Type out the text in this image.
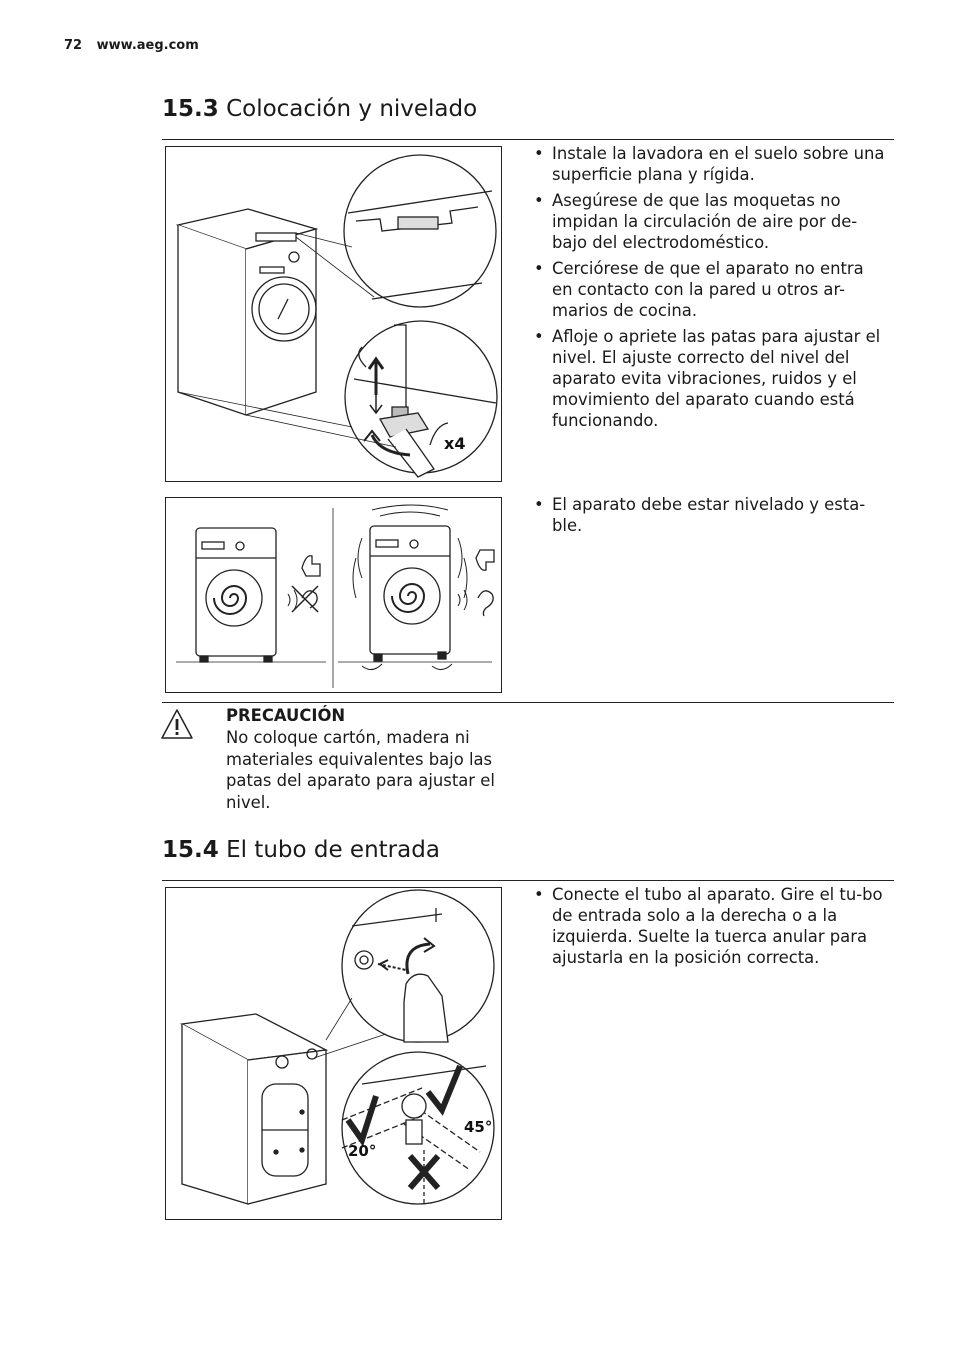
72 www.aeg.com
15.3 Colocación y nivelado
x4
• Instale la lavadora en el suelo sobre una superficie plana y rígida.
• Asegúrese de que las moquetas no impidan la circulación de aire por de-bajo del electrodoméstico.
• Cerciórese de que el aparato no entra en contacto con la pared u otros ar-marios de cocina.
• Afloje o apriete las patas para ajustar el nivel. El ajuste correcto del nivel del aparato evita vibraciones, ruidos y el movimiento del aparato cuando está funcionando.
• El aparato debe estar nivelado y esta-ble.
PRECAUCIÓN
No coloque cartón, madera ni materiales equivalentes bajo las patas del aparato para ajustar el nivel.
15.4 El tubo de entrada
20°
45°
• Conecte el tubo al aparato. Gire el tu-bo de entrada solo a la derecha o a la izquierda. Suelte la tuerca anular para ajustarla en la posición correcta.
